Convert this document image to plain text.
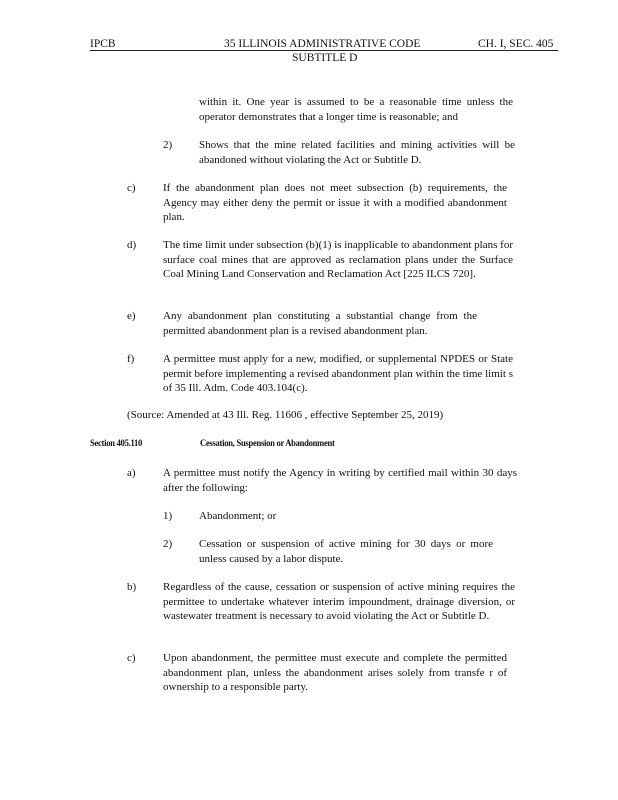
IPCB	35 ILLINOIS ADMINISTRATIVE CODE	CH. I, SEC. 405
SUBTITLE D
within it. One year is assumed to be a reasonable time unless the operator demonstrates that a longer time is reasonable; and
2) Shows that the mine related facilities and mining activities will be abandoned without violating the Act or Subtitle D.
c) If the abandonment plan does not meet subsection (b) requirements, the Agency may either deny the permit or issue it with a modified abandonment plan.
d) The time limit under subsection (b)(1) is inapplicable to abandonment plans for surface coal mines that are approved as reclamation plans under the Surface Coal Mining Land Conservation and Reclamation Act [225 ILCS 720].
e) Any abandonment plan constituting a substantial change from the permitted abandonment plan is a revised abandonment plan.
f)	A permittee must apply for a new, modified, or supplemental NPDES or State permit before implementing a revised abandonment plan within the time limit s of 35 Ill. Adm. Code 403.104(c).
(Source: Amended at 43 Ill. Reg. 11606 , effective September 25, 2019)
Section 405.110	Cessation, Suspension or Abandonment
a) A permittee must notify the Agency in writing by certified mail within 30 days after the following:
1) Abandonment; or
2) Cessation or suspension of active mining for 30 days or more unless caused by a labor dispute.
b) Regardless of the cause, cessation or suspension of active mining requires the permittee to undertake whatever interim impoundment, drainage diversion, or wastewater treatment is necessary to avoid violating the Act or Subtitle D.
c) Upon abandonment, the permittee must execute and complete the permitted abandonment plan, unless the abandonment arises solely from transfe r of ownership to a responsible party.
